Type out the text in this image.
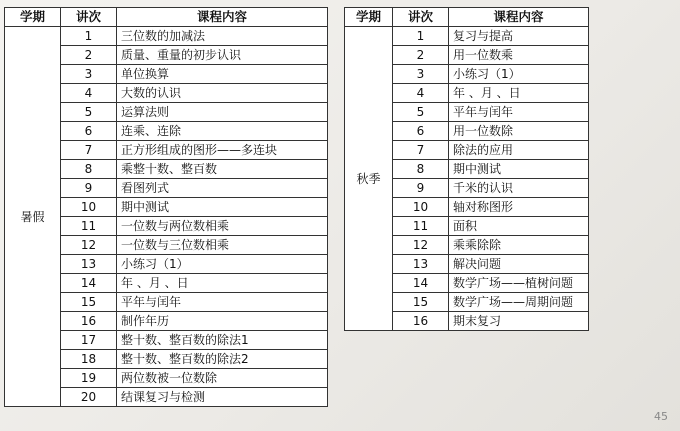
学期	讲次	课程内容
暑假	1	三位数的加减法
	2	质量、重量的初步认识
	3	单位换算
	4	大数的认识
	5	运算法则
	6	连乘、连除
	7	正方形组成的图形——多连块
	8	乘整十数、整百数
	9	看图列式
	10	期中测试
	11	一位数与两位数相乘
	12	一位数与三位数相乘
	13	小练习（1）
	14	年 、月 、日
	15	平年与闰年
	16	制作年历
	17	整十数、整百数的除法1
	18	整十数、整百数的除法2
	19	两位数被一位数除
	20	结课复习与检测
学期	讲次	课程内容
秋季	1	复习与提高
	2	用一位数乘
	3	小练习（1）
	4	年 、月 、日
	5	平年与闰年
	6	用一位数除
	7	除法的应用
	8	期中测试
	9	千米的认识
	10	轴对称图形
	11	面积
	12	乘乘除除
	13	解决问题
	14	数学广场——植树问题
	15	数学广场——周期问题
	16	期末复习
45
